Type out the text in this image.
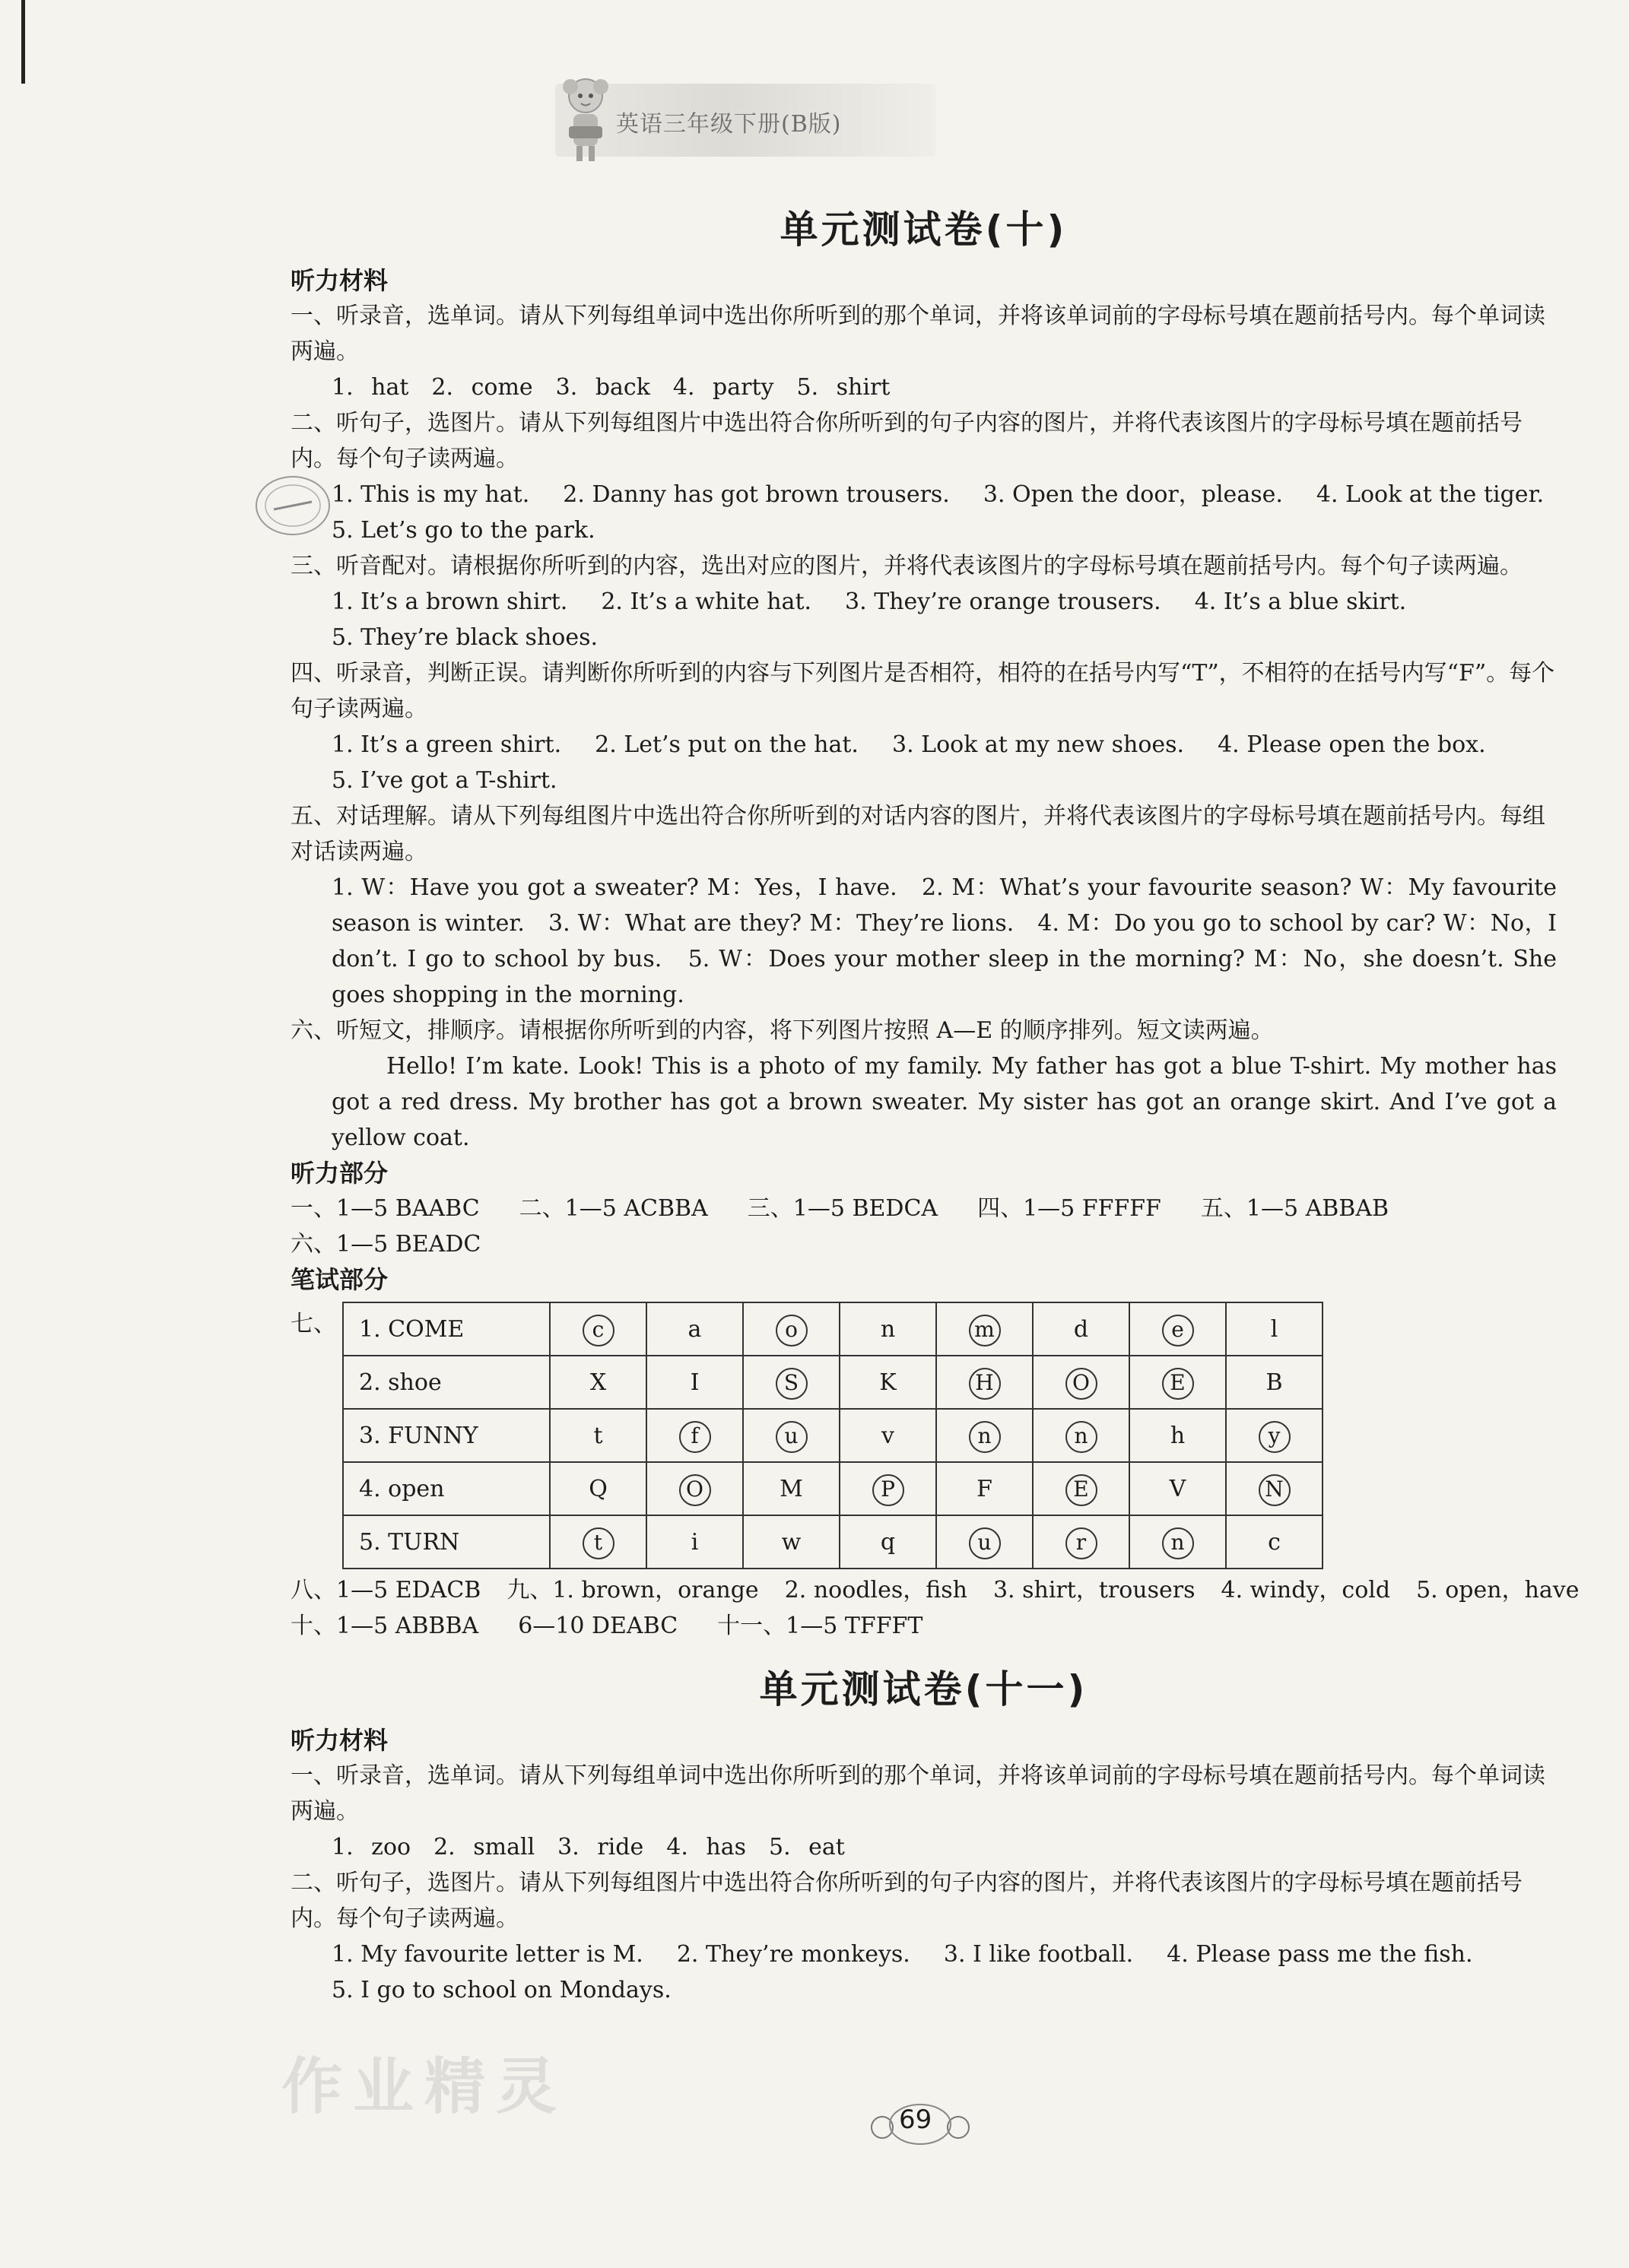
英语三年级下册(B版)
单元测试卷(十)
听力材料
一、听录音，选单词。请从下列每组单词中选出你所听到的那个单词，并将该单词前的字母标号填在题前括号内。每个单词读两遍。
1. hat 2. come 3. back 4. party 5. shirt
二、听句子，选图片。请从下列每组图片中选出符合你所听到的句子内容的图片，并将代表该图片的字母标号填在题前括号内。每个句子读两遍。
1. This is my hat. 2. Danny has got brown trousers. 3. Open the door，please. 4. Look at the tiger.
5. Let’s go to the park.
三、听音配对。请根据你所听到的内容，选出对应的图片，并将代表该图片的字母标号填在题前括号内。每个句子读两遍。
1. It’s a brown shirt. 2. It’s a white hat. 3. They’re orange trousers. 4. It’s a blue skirt.
5. They’re black shoes.
四、听录音，判断正误。请判断你所听到的内容与下列图片是否相符，相符的在括号内写“T”，不相符的在括号内写“F”。每个句子读两遍。
1. It’s a green shirt. 2. Let’s put on the hat. 3. Look at my new shoes. 4. Please open the box.
5. I’ve got a T-shirt.
五、对话理解。请从下列每组图片中选出符合你所听到的对话内容的图片，并将代表该图片的字母标号填在题前括号内。每组对话读两遍。
1. W：Have you got a sweater? M：Yes，I have.　2. M：What’s your favourite season? W：My favourite season is winter.　3. W：What are they? M：They’re lions.　4. M：Do you go to school by car? W：No，I don’t. I go to school by bus.　5. W：Does your mother sleep in the morning? M：No，she doesn’t. She goes shopping in the morning.
六、听短文，排顺序。请根据你所听到的内容，将下列图片按照 A—E 的顺序排列。短文读两遍。
Hello! I’m kate. Look! This is a photo of my family. My father has got a blue T-shirt. My mother has got a red dress. My brother has got a brown sweater. My sister has got an orange skirt. And I’ve got a yellow coat.
听力部分
一、1—5 BAABC 二、1—5 ACBBA 三、1—5 BEDCA 四、1—5 FFFFF 五、1—5 ABBAB
六、1—5 BEADC
笔试部分
七、 1. COME	c	a	o	n	m	d	e	l
2. shoe	X	I	S	K	H	O	E	B
3. FUNNY	t	f	u	v	n	n	h	y
4. open	Q	O	M	P	F	E	V	N
5. TURN	t	i	w	q	u	r	n	c
八、1—5 EDACB 九、1. brown，orange 2. noodles，fish 3. shirt，trousers 4. windy，cold 5. open，have
十、1—5 ABBBA 6—10 DEABC 十一、1—5 TFFFT
单元测试卷(十一)
听力材料
一、听录音，选单词。请从下列每组单词中选出你所听到的那个单词，并将该单词前的字母标号填在题前括号内。每个单词读两遍。
1. zoo 2. small 3. ride 4. has 5. eat
二、听句子，选图片。请从下列每组图片中选出符合你所听到的句子内容的图片，并将代表该图片的字母标号填在题前括号内。每个句子读两遍。
1. My favourite letter is M. 2. They’re monkeys. 3. I like football. 4. Please pass me the fish.
5. I go to school on Mondays.
作业精灵	69
